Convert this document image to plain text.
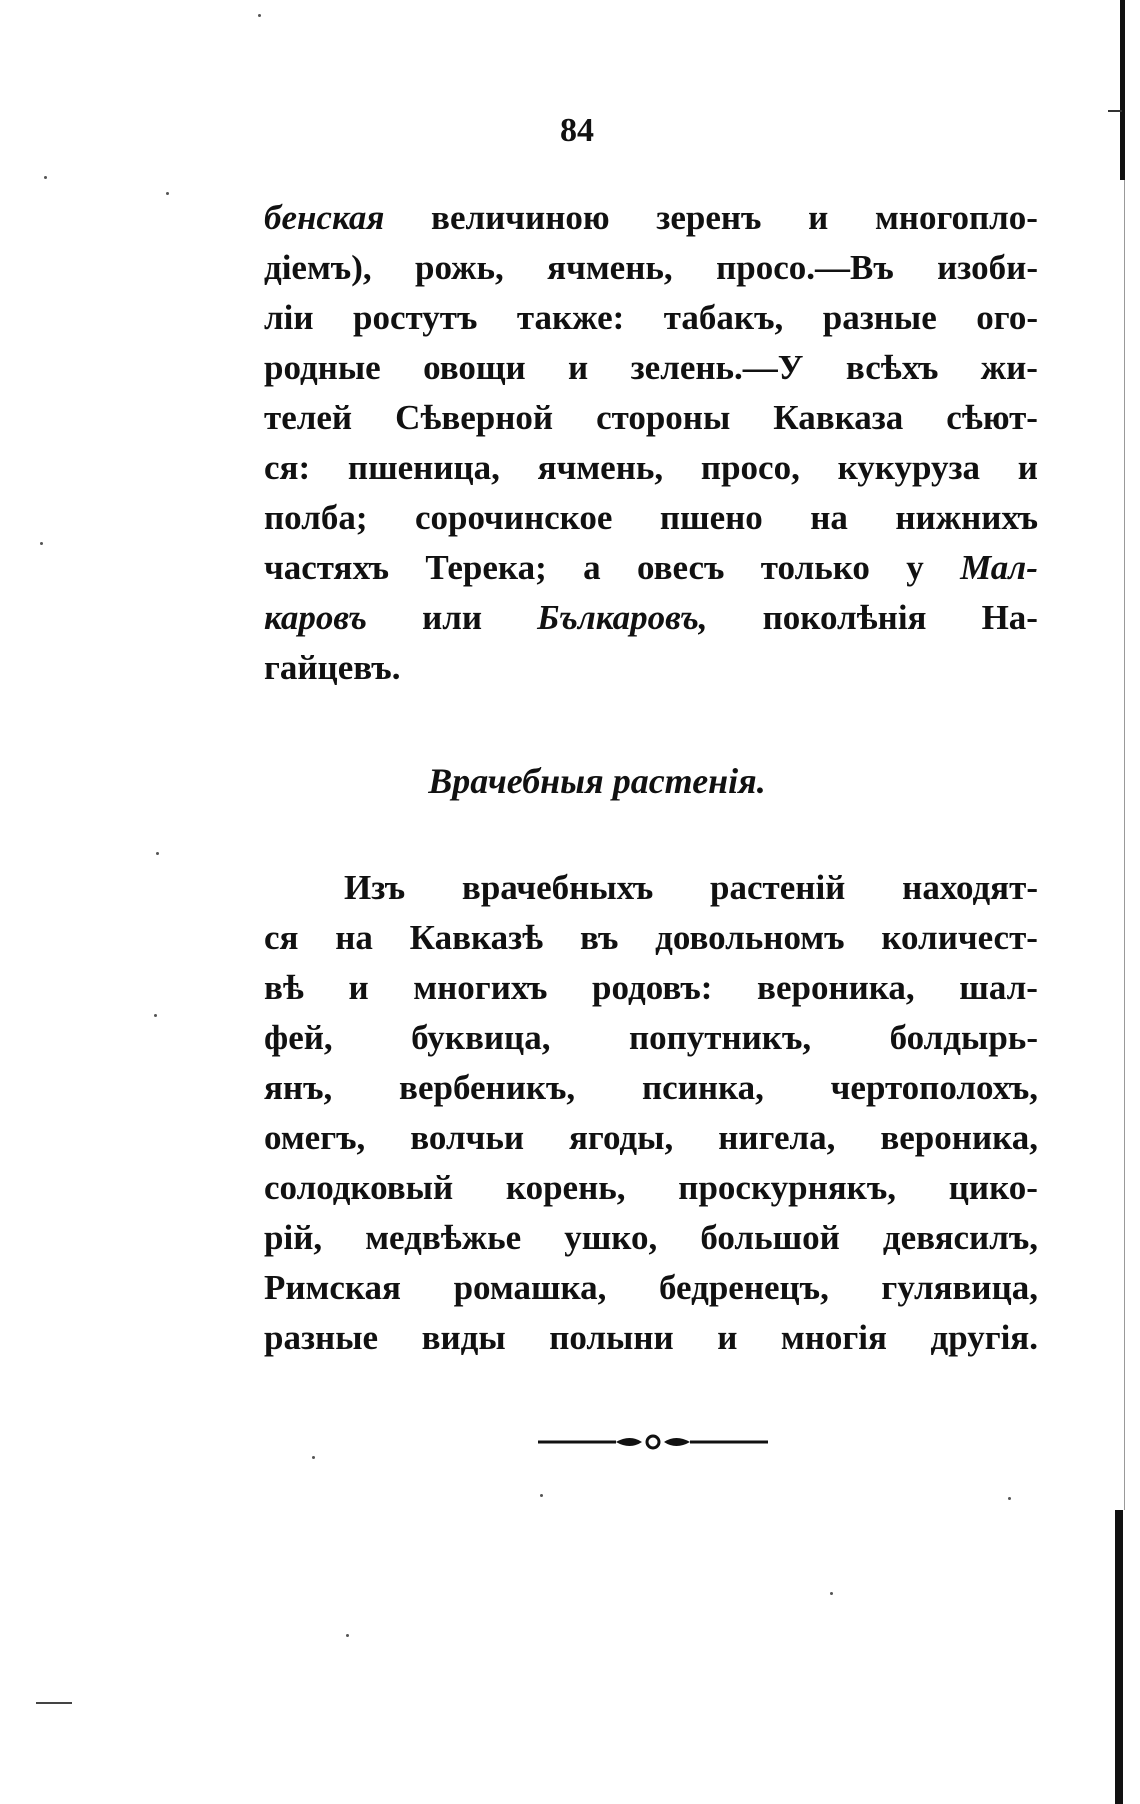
84
бенская величиною зеренъ и многопло-
дiемъ), рожь, ячмень, просо.—Въ изоби-
лiи ростутъ также: табакъ, разные ого-
родные овощи и зелень.—У всѣхъ жи-
телей Сѣверной стороны Кавказа сѣют-
ся: пшеница, ячмень, просо, кукуруза и
полба; сорочинское пшено на нижнихъ
частяхъ Терека; а овесъ только у Мал-
каровъ или Бълкаровъ, поколѣнiя На-
гайцевъ.
Врачебныя растенiя.
Изъ врачебныхъ растенiй находят-
ся на Кавказѣ въ довольномъ количест-
вѣ и многихъ родовъ: вероника, шал-
фей, буквица, попутникъ, болдырь-
янъ, вербеникъ, псинка, чертополохъ,
омегъ, волчьи ягоды, нигела, вероника,
солодковый корень, проскурнякъ, цико-
рiй, медвѣжье ушко, большой девясилъ,
Римская ромашка, бедренецъ, гулявица,
разные виды полыни и многiя другiя.
